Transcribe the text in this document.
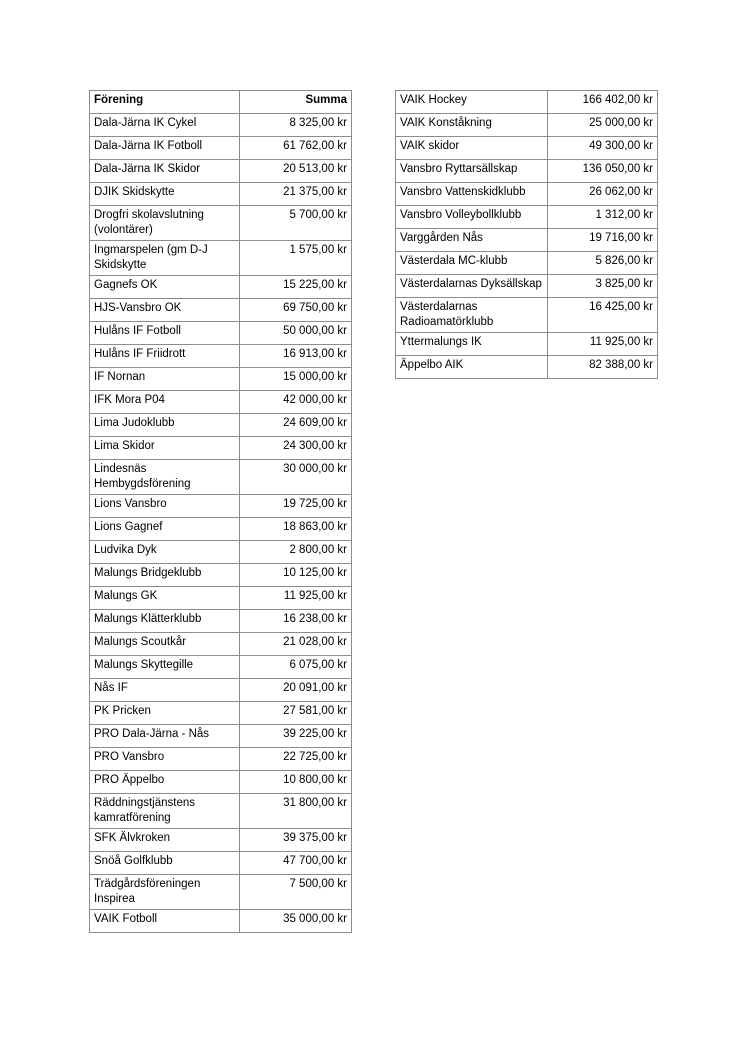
Förening	Summa
Dala-Järna IK Cykel	8 325,00 kr
Dala-Järna IK Fotboll	61 762,00 kr
Dala-Järna IK Skidor	20 513,00 kr
DJIK Skidskytte	21 375,00 kr
Drogfri skolavslutning (volontärer)	5 700,00 kr
Ingmarspelen (gm D-J Skidskytte	1 575,00 kr
Gagnefs OK	15 225,00 kr
HJS-Vansbro OK	69 750,00 kr
Hulåns IF Fotboll	50 000,00 kr
Hulåns IF Friidrott	16 913,00 kr
IF Nornan	15 000,00 kr
IFK Mora P04	42 000,00 kr
Lima Judoklubb	24 609,00 kr
Lima Skidor	24 300,00 kr
Lindesnäs Hembygdsförening	30 000,00 kr
Lions Vansbro	19 725,00 kr
Lions Gagnef	18 863,00 kr
Ludvika Dyk	2 800,00 kr
Malungs Bridgeklubb	10 125,00 kr
Malungs GK	11 925,00 kr
Malungs Klätterklubb	16 238,00 kr
Malungs Scoutkår	21 028,00 kr
Malungs Skyttegille	6 075,00 kr
Nås IF	20 091,00 kr
PK Pricken	27 581,00 kr
PRO Dala-Järna - Nås	39 225,00 kr
PRO Vansbro	22 725,00 kr
PRO Äppelbo	10 800,00 kr
Räddningstjänstens kamratförening	31 800,00 kr
SFK Älvkroken	39 375,00 kr
Snöå Golfklubb	47 700,00 kr
Trädgårdsföreningen Inspirea	7 500,00 kr
VAIK Fotboll	35 000,00 kr
VAIK Hockey	166 402,00 kr
VAIK Konståkning	25 000,00 kr
VAIK skidor	49 300,00 kr
Vansbro Ryttarsällskap	136 050,00 kr
Vansbro Vattenskidklubb	26 062,00 kr
Vansbro Volleybollklubb	1 312,00 kr
Varggården Nås	19 716,00 kr
Västerdala MC-klubb	5 826,00 kr
Västerdalarnas Dyksällskap	3 825,00 kr
Västerdalarnas Radioamatörklubb	16 425,00 kr
Yttermalungs IK	11 925,00 kr
Äppelbo AIK	82 388,00 kr
